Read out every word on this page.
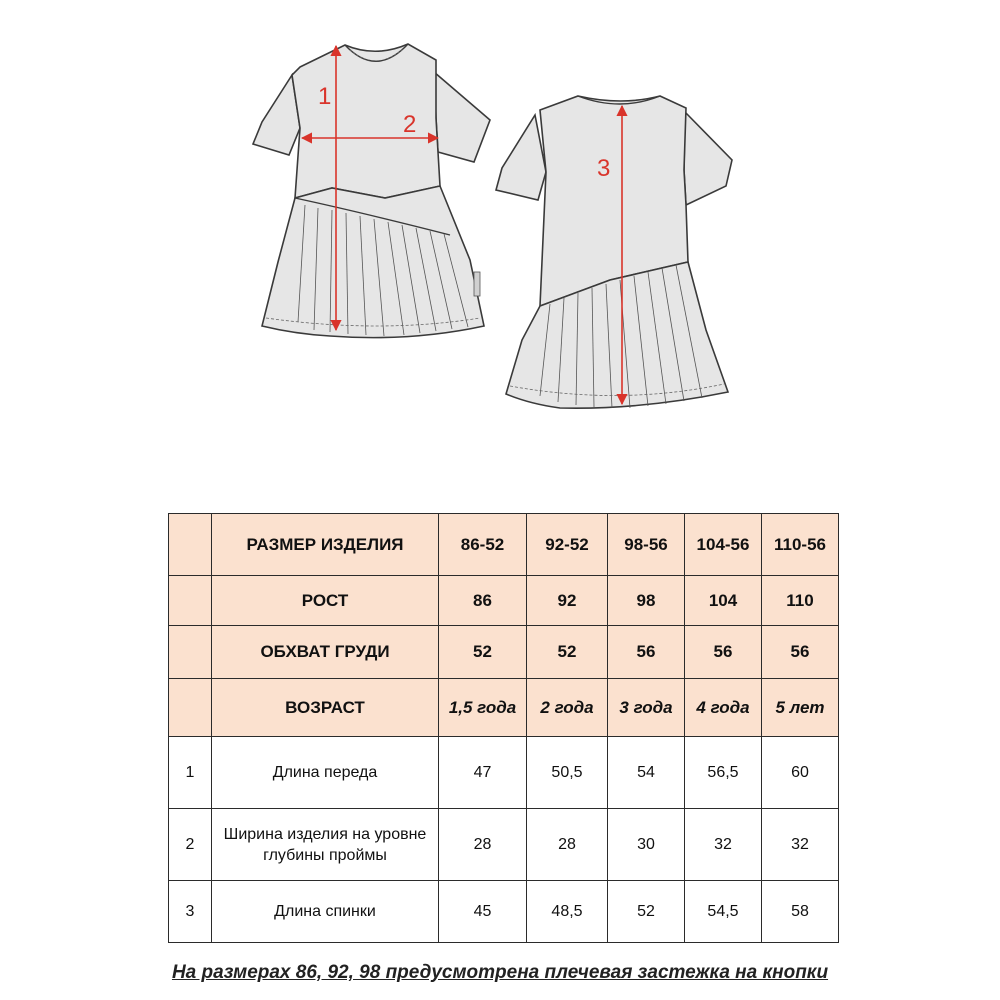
1
2
3
	РАЗМЕР ИЗДЕЛИЯ	86-52	92-52	98-56	104-56	110-56
	РОСТ	86	92	98	104	110
	ОБХВАТ ГРУДИ	52	52	56	56	56
	ВОЗРАСТ	1,5 года	2 года	3 года	4 года	5 лет
1	Длина переда	47	50,5	54	56,5	60
2	Ширина изделия на уровне глубины проймы	28	28	30	32	32
3	Длина спинки	45	48,5	52	54,5	58
На размерах 86, 92, 98 предусмотрена плечевая застежка на кнопки
